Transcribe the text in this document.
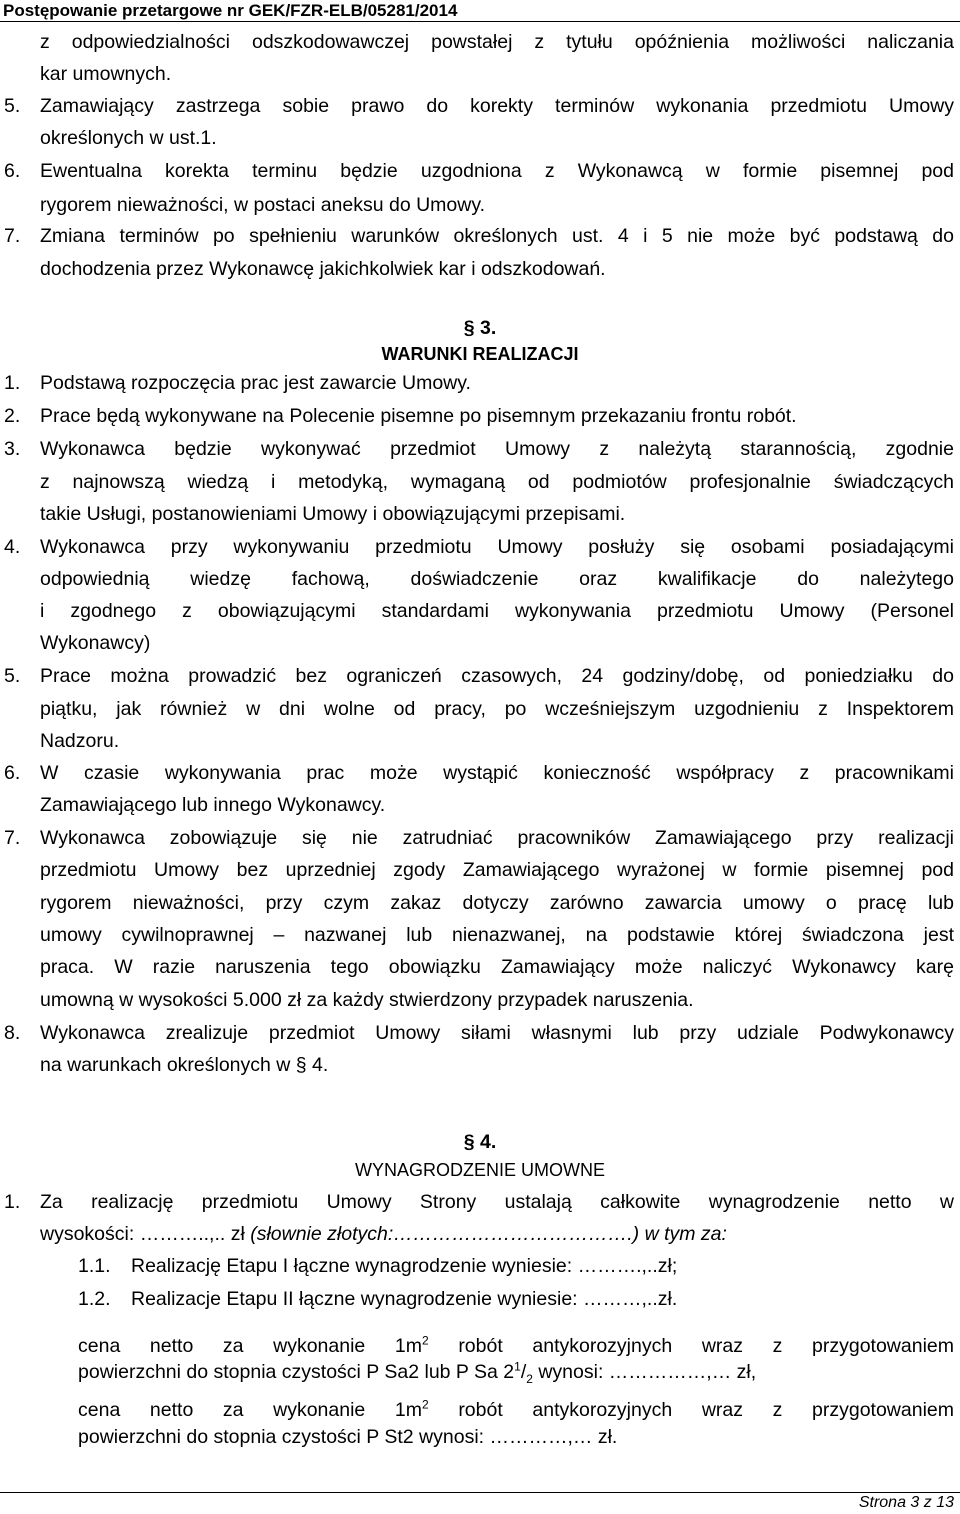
Postępowanie przetargowe nr GEK/FZR-ELB/05281/2014
z odpowiedzialności odszkodowawczej powstałej z tytułu opóźnienia możliwości naliczania
kar umownych.
5. Zamawiający zastrzega sobie prawo do korekty terminów wykonania przedmiotu Umowy
określonych w ust.1.
6. Ewentualna korekta terminu będzie uzgodniona z Wykonawcą w formie pisemnej pod
rygorem nieważności, w postaci aneksu do Umowy.
7. Zmiana terminów po spełnieniu warunków określonych ust. 4 i 5 nie może być podstawą do
dochodzenia przez Wykonawcę jakichkolwiek kar i odszkodowań.
§ 3.
WARUNKI REALIZACJI
1. Podstawą rozpoczęcia prac jest zawarcie Umowy.
2. Prace będą wykonywane na Polecenie pisemne po pisemnym przekazaniu frontu robót.
3. Wykonawca będzie wykonywać przedmiot Umowy z należytą starannością, zgodnie
z najnowszą wiedzą i metodyką, wymaganą od podmiotów profesjonalnie świadczących
takie Usługi, postanowieniami Umowy i obowiązującymi przepisami.
4. Wykonawca przy wykonywaniu przedmiotu Umowy posłuży się osobami posiadającymi
odpowiednią wiedzę fachową, doświadczenie oraz kwalifikacje do należytego
i zgodnego z obowiązującymi standardami wykonywania przedmiotu Umowy (Personel
Wykonawcy)
5. Prace można prowadzić bez ograniczeń czasowych, 24 godziny/dobę, od poniedziałku do
piątku, jak również w dni wolne od pracy, po wcześniejszym uzgodnieniu z Inspektorem
Nadzoru.
6. W czasie wykonywania prac może wystąpić konieczność współpracy z pracownikami
Zamawiającego lub innego Wykonawcy.
7. Wykonawca zobowiązuje się nie zatrudniać pracowników Zamawiającego przy realizacji
przedmiotu Umowy bez uprzedniej zgody Zamawiającego wyrażonej w formie pisemnej pod
rygorem nieważności, przy czym zakaz dotyczy zarówno zawarcia umowy o pracę lub
umowy cywilnoprawnej – nazwanej lub nienazwanej, na podstawie której świadczona jest
praca. W razie naruszenia tego obowiązku Zamawiający może naliczyć Wykonawcy karę
umowną w wysokości 5.000 zł za każdy stwierdzony przypadek naruszenia.
8. Wykonawca zrealizuje przedmiot Umowy siłami własnymi lub przy udziale Podwykonawcy
na warunkach określonych w § 4.
§ 4.
WYNAGRODZENIE UMOWNE
1. Za realizację przedmiotu Umowy Strony ustalają całkowite wynagrodzenie netto w
wysokości: ………..,.. zł (słownie złotych:……………………………….) w tym za:
1.1. Realizację Etapu I łączne wynagrodzenie wyniesie: ……….,..zł;
1.2. Realizacje Etapu II łączne wynagrodzenie wyniesie: ………,..zł.
cena netto za wykonanie $1m^2$ robót antykorozyjnych wraz z przygotowaniem
powierzchni do stopnia czystości P Sa2 lub P Sa $2^1/_2$ wynosi: ……………,… zł,
cena netto za wykonanie $1m^2$ robót antykorozyjnych wraz z przygotowaniem
powierzchni do stopnia czystości P St2 wynosi: …………,… zł.
Strona 3 z 13
